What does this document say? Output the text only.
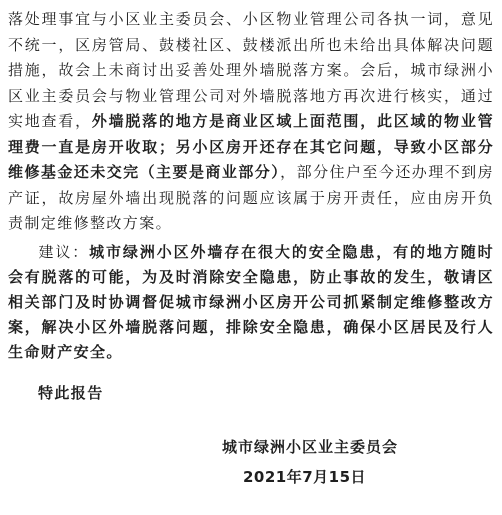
落处理事宜与小区业主委员会、小区物业管理公司各执一词，意见不统一，区房管局、鼓楼社区、鼓楼派出所也未给出具体解决问题措施，故会上未商讨出妥善处理外墙脱落方案。会后，城市绿洲小区业主委员会与物业管理公司对外墙脱落地方再次进行核实，通过实地查看，外墙脱落的地方是商业区域上面范围，此区域的物业管理费一直是房开收取；另小区房开还存在其它问题，导致小区部分维修基金还未交完（主要是商业部分），部分住户至今还办理不到房产证，故房屋外墙出现脱落的问题应该属于房开责任，应由房开负责制定维修整改方案。

建议：城市绿洲小区外墙存在很大的安全隐患，有的地方随时会有脱落的可能，为及时消除安全隐患，防止事故的发生，敬请区相关部门及时协调督促城市绿洲小区房开公司抓紧制定维修整改方案，解决小区外墙脱落问题，排除安全隐患，确保小区居民及行人生命财产安全。

特此报告
城市绿洲小区业主委员会
2021年7月15日
